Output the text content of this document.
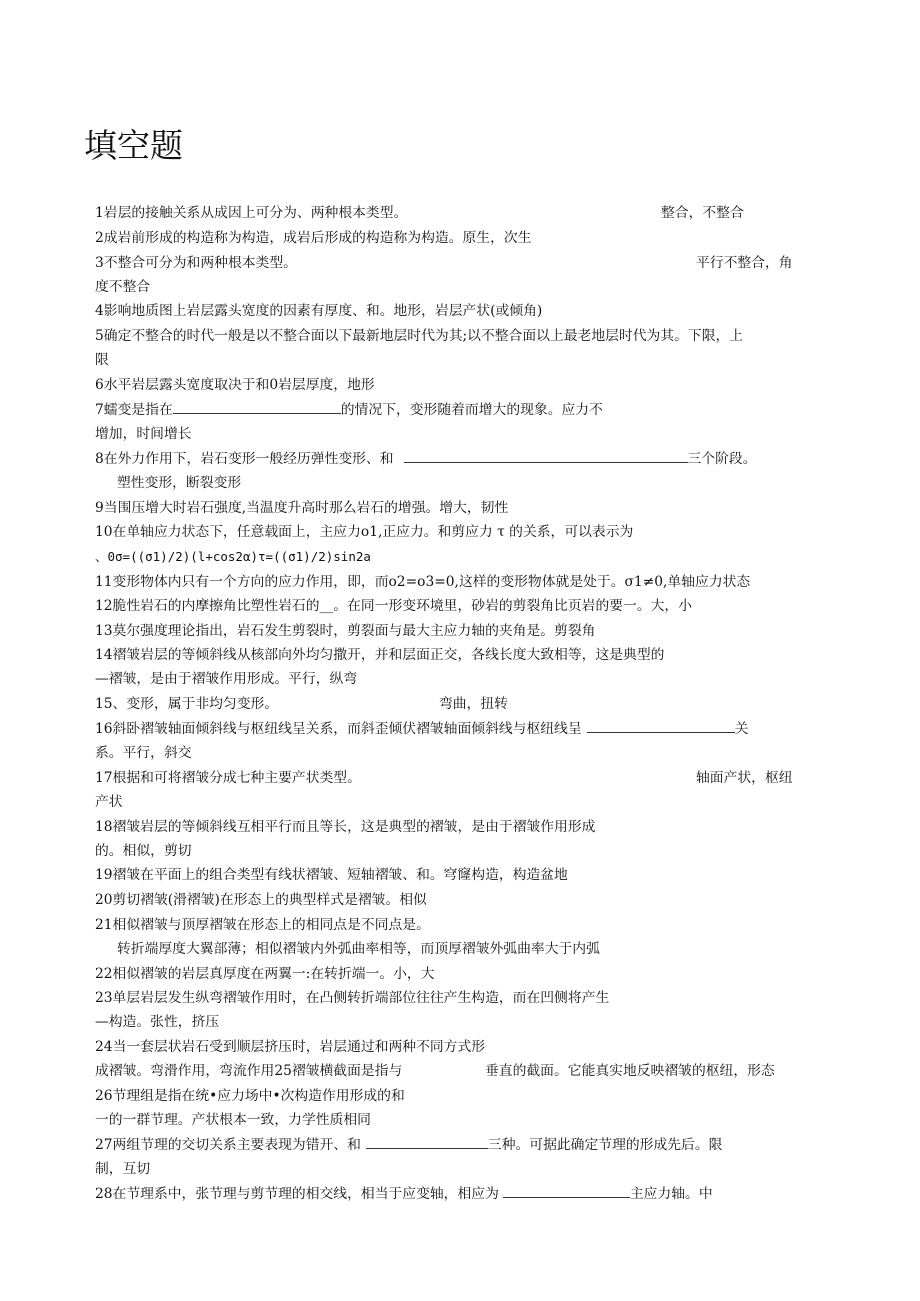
填空题
1岩层的接触关系从成因上可分为、两种根本类型。	整合，不整合
2成岩前形成的构造称为构造，成岩后形成的构造称为构造。原生，次生
3不整合可分为和两种根本类型。	平行不整合，角
度不整合
4影响地质图上岩层露头宽度的因素有厚度、和。地形，岩层产状(或倾角)
5确定不整合的时代一般是以不整合面以下最新地层时代为其;以不整合面以上最老地层时代为其。下限，上
限
6水平岩层露头宽度取决于和0岩层厚度，地形
7蠕变是指在	的情况下，变形随着而增大的现象。应力不
增加，时间增长
8在外力作用下，岩石变形一般经历弹性变形、和	三个阶段。
塑性变形，断裂变形
9当围压增大时岩石强度,当温度升高时那么岩石的增强。增大，韧性
10在单轴应力状态下，任意载面上，主应力o1,正应力。和剪应力 τ 的关系，可以表示为
、0σ=((σ1)/2)(l+cos2α)τ=((σ1)/2)sin2a
11变形物体内只有一个方向的应力作用，即，而o2=o3=0,这样的变形物体就是处于。σ1≠0,单轴应力状态
12脆性岩石的内摩擦角比塑性岩石的__。在同一形变环境里，砂岩的剪裂角比页岩的要一。大，小
13莫尔强度理论指出，岩石发生剪裂时，剪裂面与最大主应力轴的夹角是。剪裂角
14褶皱岩层的等倾斜线从核部向外均匀撒开，并和层面正交，各线长度大致相等，这是典型的
—褶皱，是由于褶皱作用形成。平行，纵弯
15、变形，属于非均匀变形。	弯曲，扭转
16斜卧褶皱轴面倾斜线与枢纽线呈关系，而斜歪倾伏褶皱轴面倾斜线与枢纽线呈	关
系。平行，斜交
17根据和可将褶皱分成七种主要产状类型。	轴面产状，枢纽
产状
18褶皱岩层的等倾斜线互相平行而且等长，这是典型的褶皱，是由于褶皱作用形成
的。相似，剪切
19褶皱在平面上的组合类型有线状褶皱、短轴褶皱、和。穹窿构造，构造盆地
20剪切褶皱(滑褶皱)在形态上的典型样式是褶皱。相似
21相似褶皱与顶厚褶皱在形态上的相同点是不同点是。
转折端厚度大翼部薄；相似褶皱内外弧曲率相等，而顶厚褶皱外弧曲率大于内弧
22相似褶皱的岩层真厚度在两翼一:在转折端一。小，大
23单层岩层发生纵弯褶皱作用时，在凸侧转折端部位往往产生构造，而在凹侧将产生
—构造。张性，挤压
24当一套层状岩石受到顺层挤压时，岩层通过和两种不同方式形
成褶皱。弯滑作用，弯流作用25褶皱横截面是指与	垂直的截面。它能真实地反映褶皱的枢纽，形态
26节理组是指在统•应力场中•次构造作用形成的和
一的一群节理。产状根本一致，力学性质相同
27两组节理的交切关系主要表现为错开、和	三种。可据此确定节理的形成先后。限
制，互切
28在节理系中，张节理与剪节理的相交线，相当于应变轴，相应为	主应力轴。中
